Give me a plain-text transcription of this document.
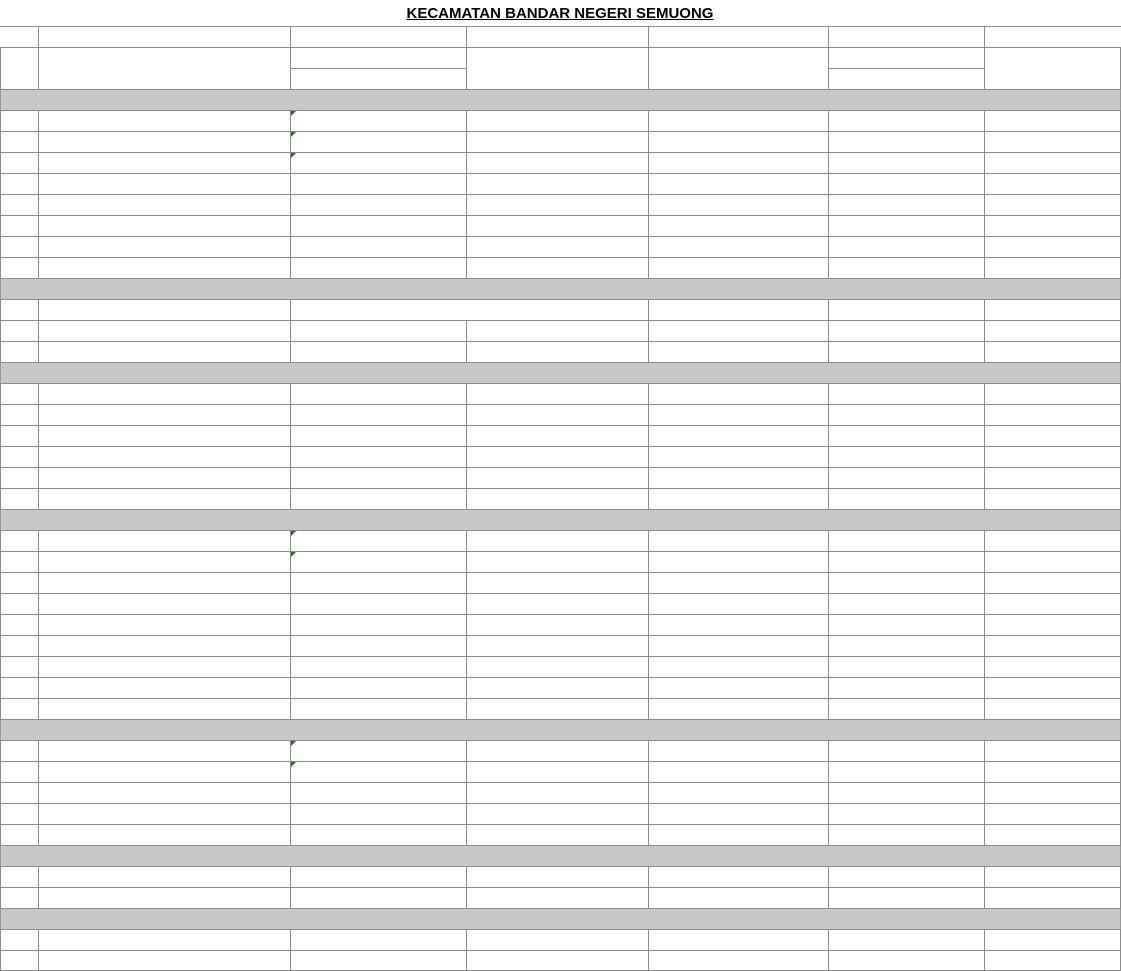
KECAMATAN BANDAR NEGERI SEMUONG
